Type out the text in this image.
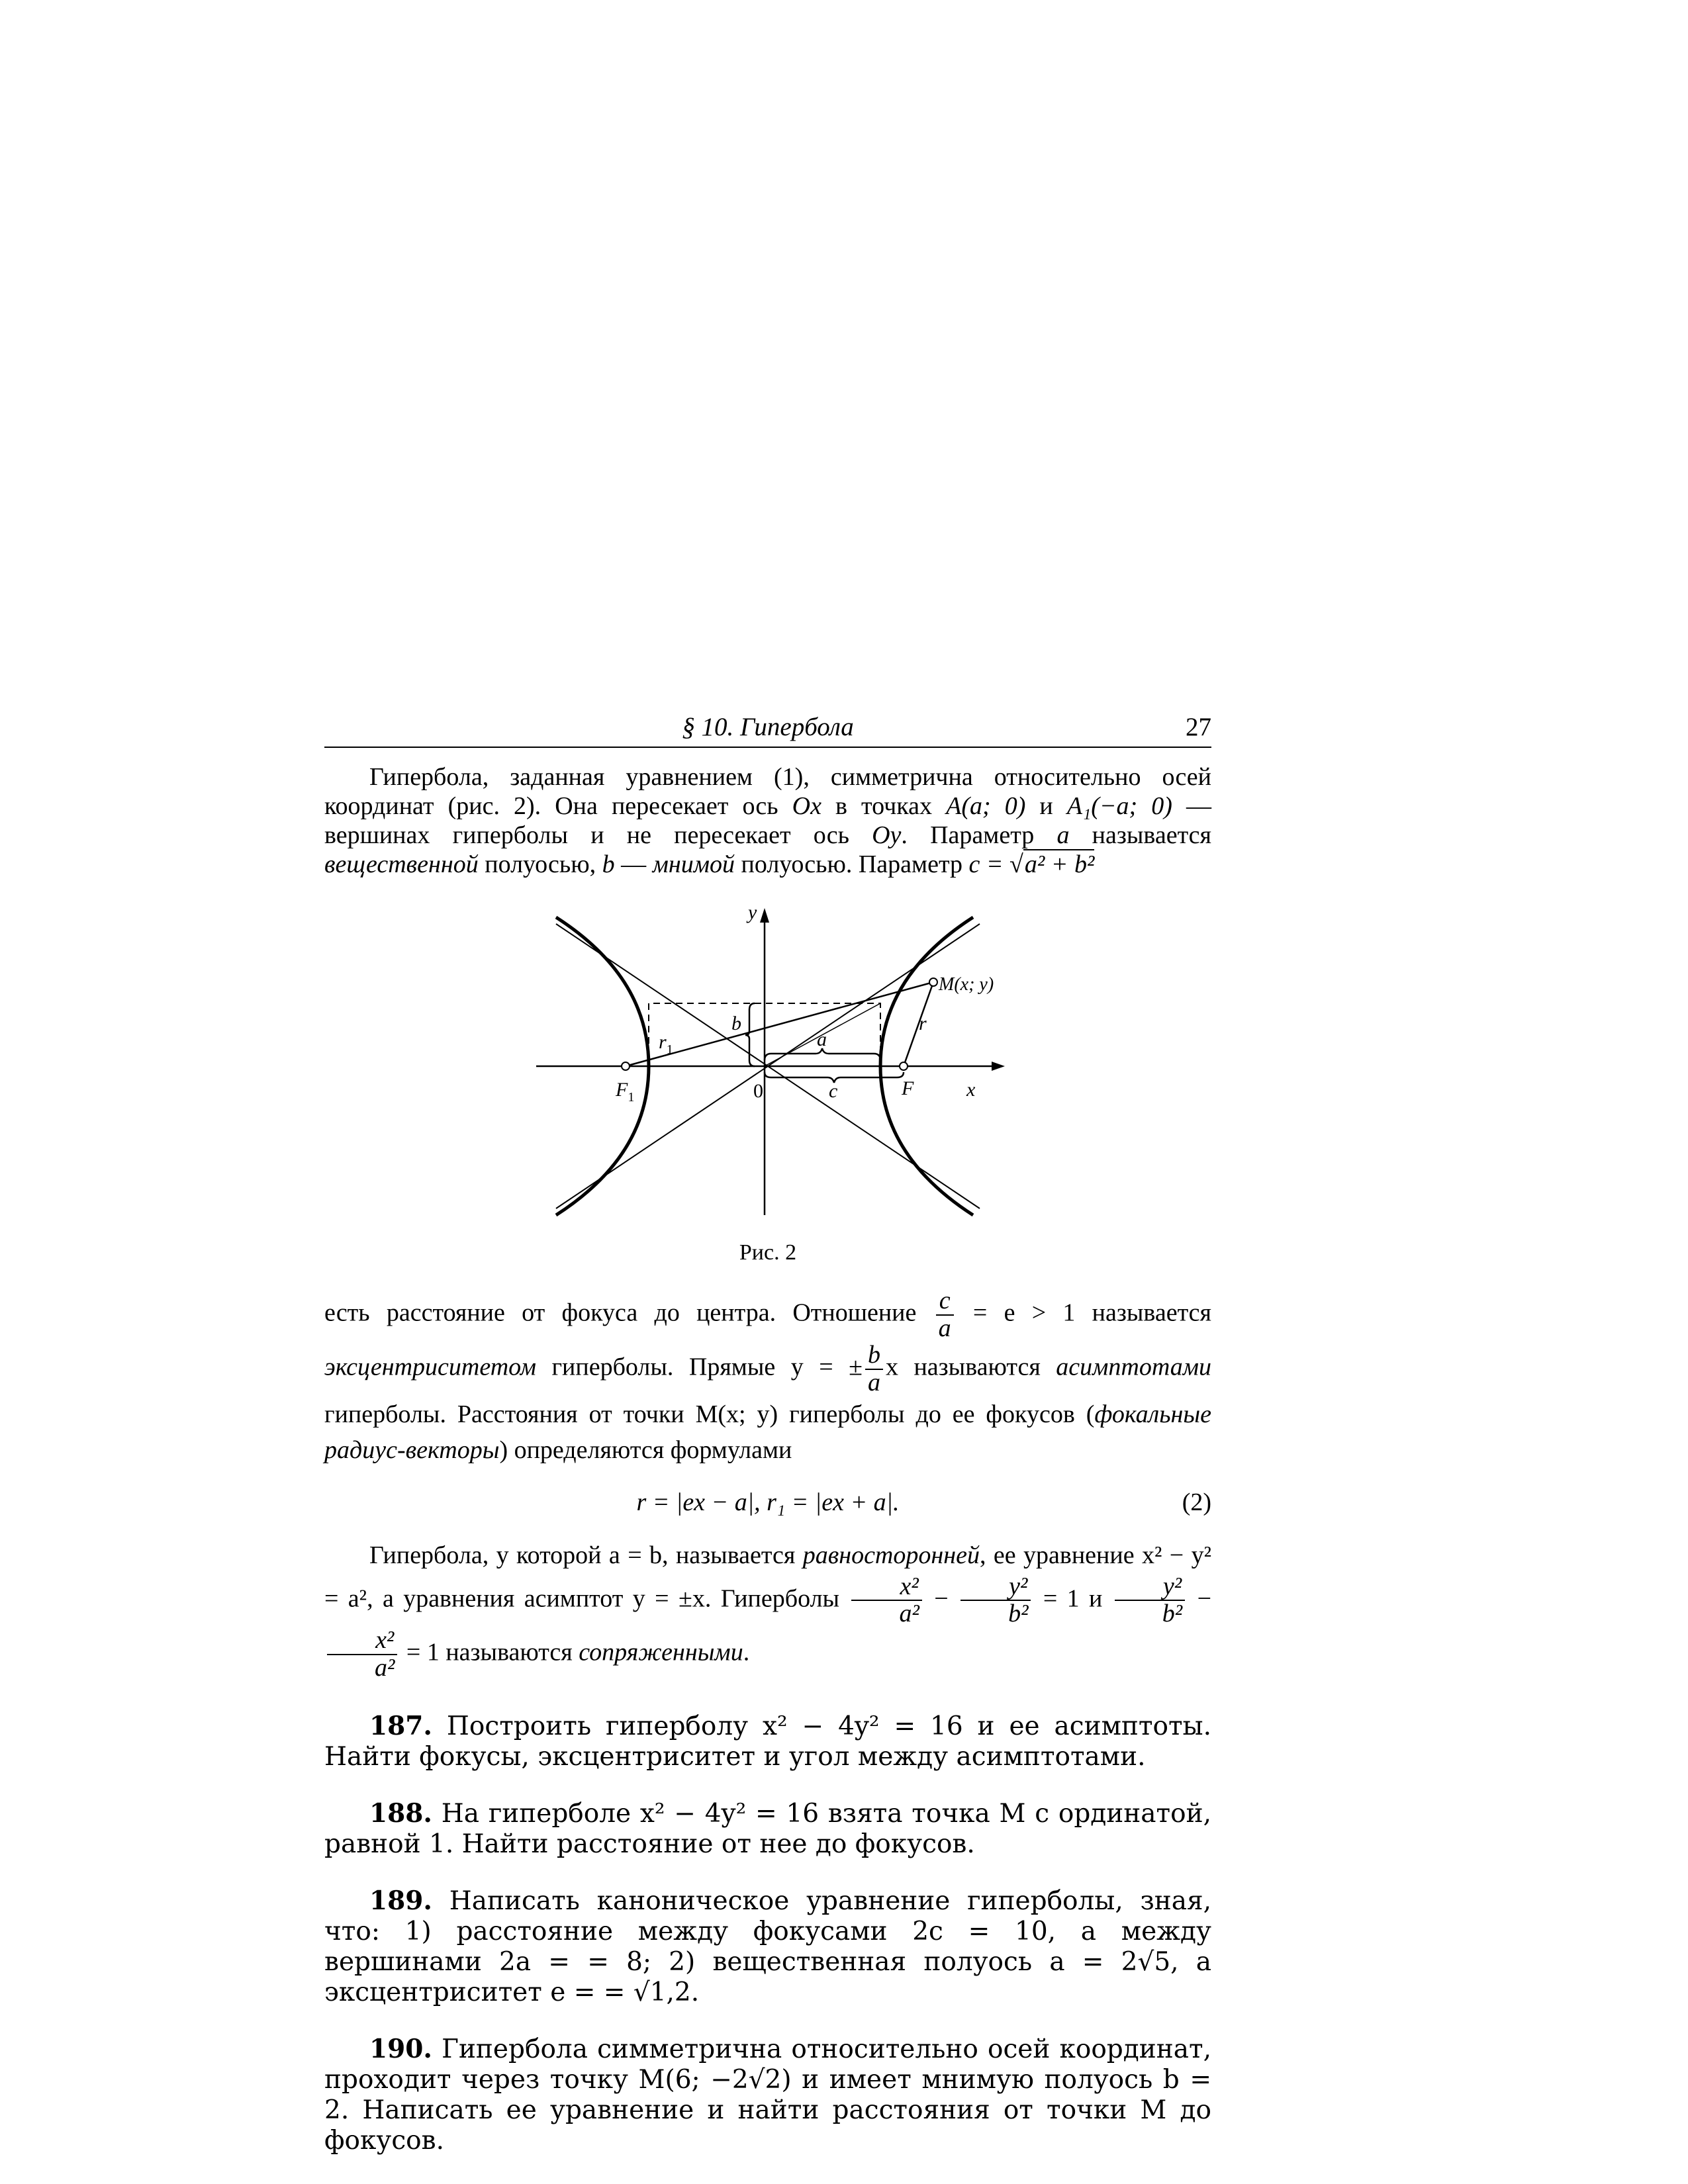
§ 10. Гипербола	27

Гипербола, заданная уравнением (1), симметрична относительно осей координат (рис. 2). Она пересекает ось Ox в точках A(a; 0) и A₁(−a; 0) — вершинах гиперболы и не пересекает ось Oy. Параметр a называется вещественной полуосью, b — мнимой полуосью. Параметр c = √a² + b²

y
x
0
$F_1$	F
M(x; y)
$r_1$
r
a
b
c
Рис. 2

есть расстояние от фокуса до центра. Отношение $\frac{c}{a} = e > 1$ называется эксцентриситетом гиперболы. Прямые y = ± $\frac{b}{a}$ x называются асимптотами гиперболы. Расстояния от точки M(x; y) гиперболы до ее фокусов (фокальные радиус-векторы) определяются формулами

r = |ex − a|, r₁ = |ex + a|.	(2)

Гипербола, у которой a = b, называется равносторонней, ее уравнение x² − y² = a², а уравнения асимптот y = ±x. Гиперболы $\frac{\text{x²}}{\text{a²}} - \frac{\text{y²}}{\text{b²}} = 1$ и $\frac{\text{y²}}{\text{b²}}$ −
$\frac{\text{x²}}{\text{a²}} = 1$ называются сопряженными.

187. Построить гиперболу x² − 4y² = 16 и ее асимптоты. Найти фокусы, эксцентриситет и угол между асимптотами.

188. На гиперболе x² − 4y² = 16 взята точка M с ординатой, равной 1. Найти расстояние от нее до фокусов.

189. Написать каноническое уравнение гиперболы, зная, что: 1) расстояние между фокусами 2c = 10, а между вершинами 2a = = 8; 2) вещественная полуось a = 2√5, а эксцентриситет e = = √1,2.

190. Гипербола симметрична относительно осей координат, проходит через точку M(6; −2√2) и имеет мнимую полуось b = 2. Написать ее уравнение и найти расстояния от точки M до фокусов.
